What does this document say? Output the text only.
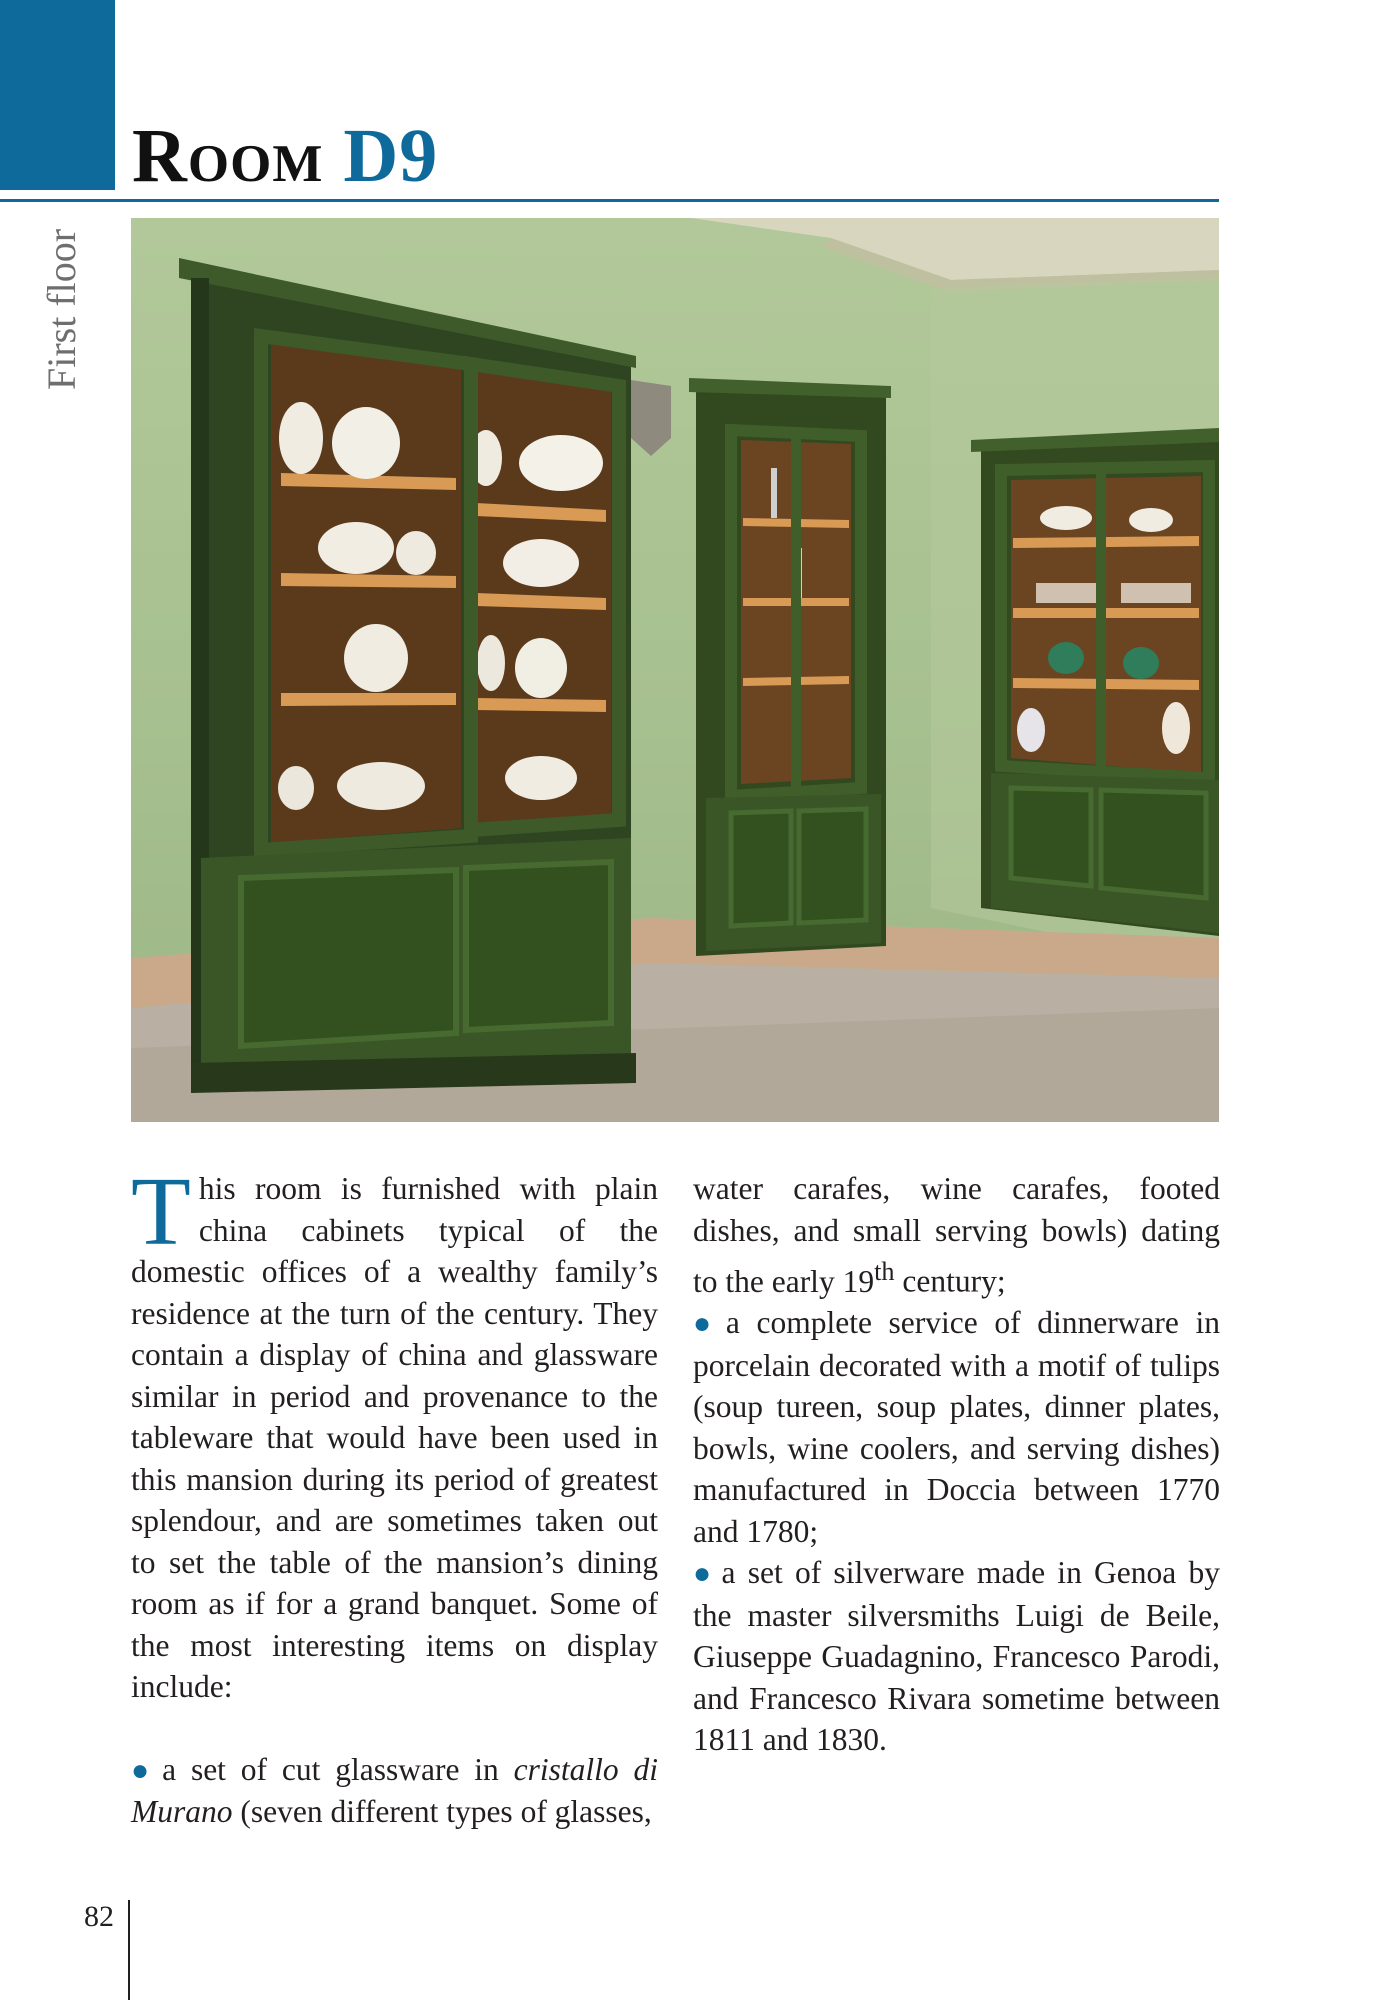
Room D9
First floor

This room is furnished with plain china cabinets typical of the domestic offices of a wealthy family’s residence at the turn of the century. They contain a display of china and glassware similar in period and provenance to the tableware that would have been used in this mansion during its period of greatest splendour, and are sometimes taken out to set the table of the mansion’s dining room as if for a grand banquet. Some of the most interesting items on display include:

● a set of cut glassware in cristallo di Murano (seven different types of glasses,

water carafes, wine carafes, footed dishes, and small serving bowls) dating to the early 19th century;

● a complete service of dinnerware in porcelain decorated with a motif of tulips (soup tureen, soup plates, dinner plates, bowls, wine coolers, and serving dishes) manufactured in Doccia between 1770 and 1780;

● a set of silverware made in Genoa by the master silversmiths Luigi de Beile, Giuseppe Guadagnino, Francesco Parodi, and Francesco Rivara sometime between 1811 and 1830.

82
